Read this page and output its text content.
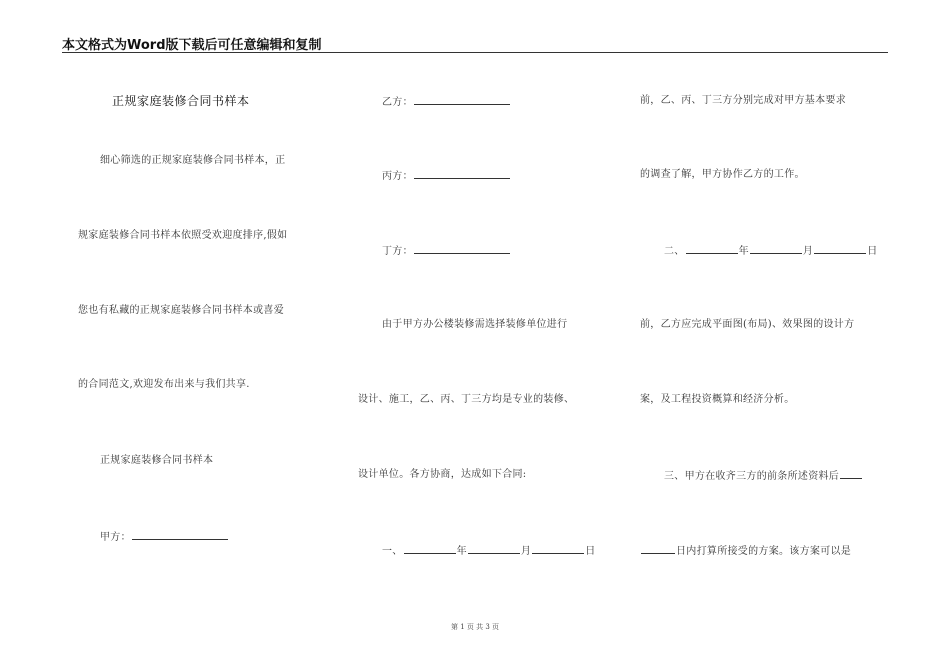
本文格式为Word版下载后可任意编辑和复制
正规家庭装修合同书样本
细心筛选的正规家庭装修合同书样本，正
规家庭装修合同书样本依照受欢迎度排序,假如
您也有私藏的正规家庭装修合同书样本或喜爱
的合同范文,欢迎发布出来与我们共享.
正规家庭装修合同书样本
甲方：
乙方：
丙方：
丁方：
由于甲方办公楼装修需选择装修单位进行
设计、施工，乙、丙、丁三方均是专业的装修、
设计单位。各方协商，达成如下合同:
一、	年	月	日
前，乙、丙、丁三方分别完成对甲方基本要求
的调查了解，甲方协作乙方的工作。
二、	年	月	日
前，乙方应完成平面图(布局)、效果图的设计方
案，及工程投资概算和经济分析。
三、甲方在收齐三方的前条所述资料后
日内打算所接受的方案。该方案可以是
第 1 页 共 3 页
